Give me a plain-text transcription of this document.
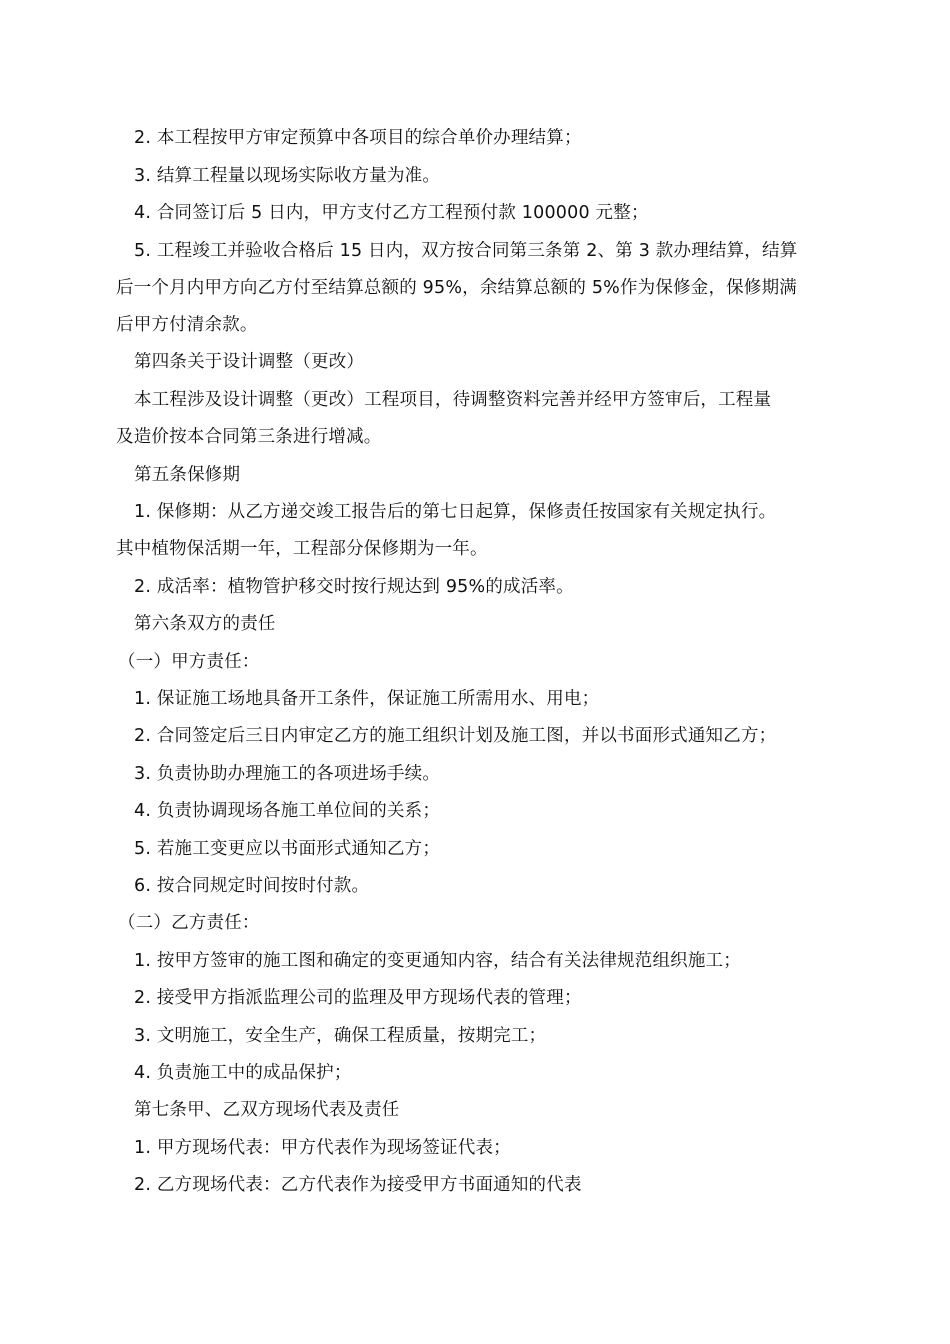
2. 本工程按甲方审定预算中各项目的综合单价办理结算；
3. 结算工程量以现场实际收方量为准。
4. 合同签订后 5 日内，甲方支付乙方工程预付款 100000 元整；
5. 工程竣工并验收合格后 15 日内，双方按合同第三条第 2、第 3 款办理结算，结算
后一个月内甲方向乙方付至结算总额的 95%，余结算总额的 5%作为保修金，保修期满
后甲方付清余款。
第四条关于设计调整（更改）
本工程涉及设计调整（更改）工程项目，待调整资料完善并经甲方签审后，工程量
及造价按本合同第三条进行增减。
第五条保修期
1. 保修期：从乙方递交竣工报告后的第七日起算，保修责任按国家有关规定执行。
其中植物保活期一年，工程部分保修期为一年。
2. 成活率：植物管护移交时按行规达到 95%的成活率。
第六条双方的责任
（一）甲方责任：
1. 保证施工场地具备开工条件，保证施工所需用水、用电；
2. 合同签定后三日内审定乙方的施工组织计划及施工图，并以书面形式通知乙方；
3. 负责协助办理施工的各项进场手续。
4. 负责协调现场各施工单位间的关系；
5. 若施工变更应以书面形式通知乙方；
6. 按合同规定时间按时付款。
（二）乙方责任：
1. 按甲方签审的施工图和确定的变更通知内容，结合有关法律规范组织施工；
2. 接受甲方指派监理公司的监理及甲方现场代表的管理；
3. 文明施工，安全生产，确保工程质量，按期完工；
4. 负责施工中的成品保护；
第七条甲、乙双方现场代表及责任
1. 甲方现场代表：甲方代表作为现场签证代表；
2. 乙方现场代表：乙方代表作为接受甲方书面通知的代表
